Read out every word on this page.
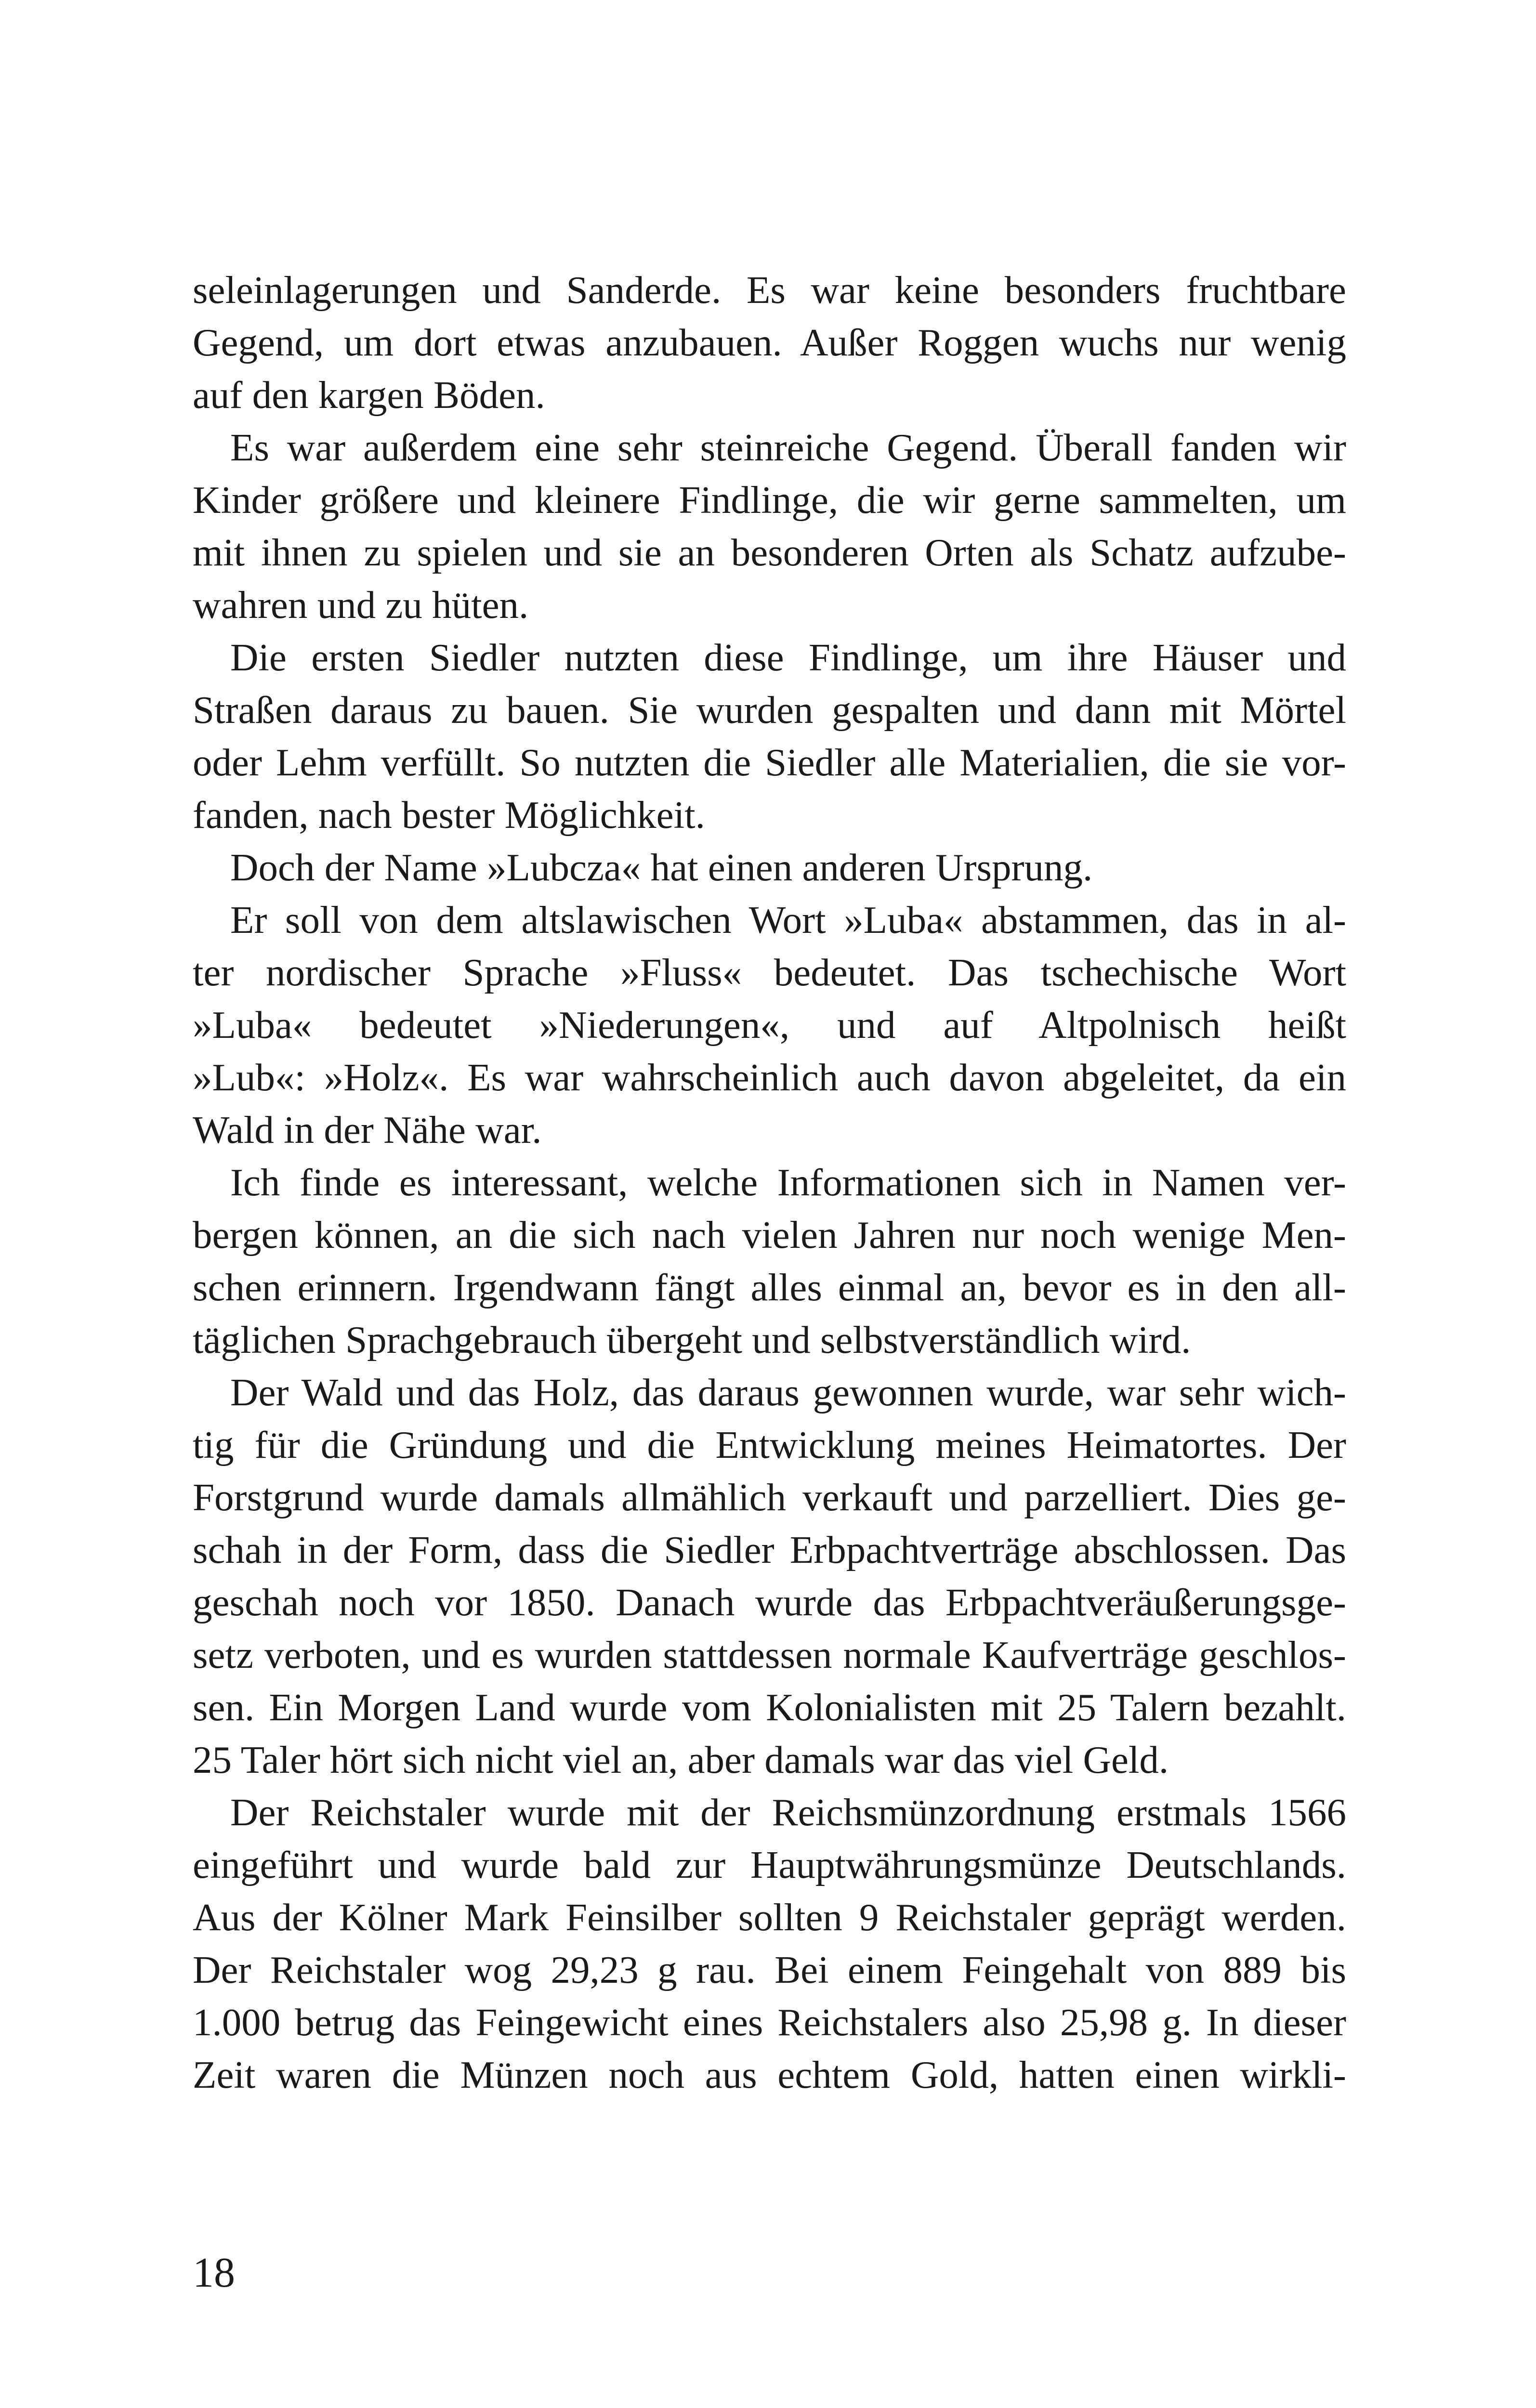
seleinlagerungen und Sanderde. Es war keine besonders fruchtbare
Gegend, um dort etwas anzubauen. Außer Roggen wuchs nur wenig
auf den kargen Böden.
Es war außerdem eine sehr steinreiche Gegend. Überall fanden wir
Kinder größere und kleinere Findlinge, die wir gerne sammelten, um
mit ihnen zu spielen und sie an besonderen Orten als Schatz aufzube-
wahren und zu hüten.
Die ersten Siedler nutzten diese Findlinge, um ihre Häuser und
Straßen daraus zu bauen. Sie wurden gespalten und dann mit Mörtel
oder Lehm verfüllt. So nutzten die Siedler alle Materialien, die sie vor-
fanden, nach bester Möglichkeit.
Doch der Name »Lubcza« hat einen anderen Ursprung.
Er soll von dem altslawischen Wort »Luba« abstammen, das in al-
ter nordischer Sprache »Fluss« bedeutet. Das tschechische Wort
»Luba« bedeutet »Niederungen«, und auf Altpolnisch heißt
»Lub«: »Holz«. Es war wahrscheinlich auch davon abgeleitet, da ein
Wald in der Nähe war.
Ich finde es interessant, welche Informationen sich in Namen ver-
bergen können, an die sich nach vielen Jahren nur noch wenige Men-
schen erinnern. Irgendwann fängt alles einmal an, bevor es in den all-
täglichen Sprachgebrauch übergeht und selbstverständlich wird.
Der Wald und das Holz, das daraus gewonnen wurde, war sehr wich-
tig für die Gründung und die Entwicklung meines Heimatortes. Der
Forstgrund wurde damals allmählich verkauft und parzelliert. Dies ge-
schah in der Form, dass die Siedler Erbpachtverträge abschlossen. Das
geschah noch vor 1850. Danach wurde das Erbpachtveräußerungsge-
setz verboten, und es wurden stattdessen normale Kaufverträge geschlos-
sen. Ein Morgen Land wurde vom Kolonialisten mit 25 Talern bezahlt.
25 Taler hört sich nicht viel an, aber damals war das viel Geld.
Der Reichstaler wurde mit der Reichsmünzordnung erstmals 1566
eingeführt und wurde bald zur Hauptwährungsmünze Deutschlands.
Aus der Kölner Mark Feinsilber sollten 9 Reichstaler geprägt werden.
Der Reichstaler wog 29,23 g rau. Bei einem Feingehalt von 889 bis
1.000 betrug das Feingewicht eines Reichstalers also 25,98 g. In dieser
Zeit waren die Münzen noch aus echtem Gold, hatten einen wirkli-
18
